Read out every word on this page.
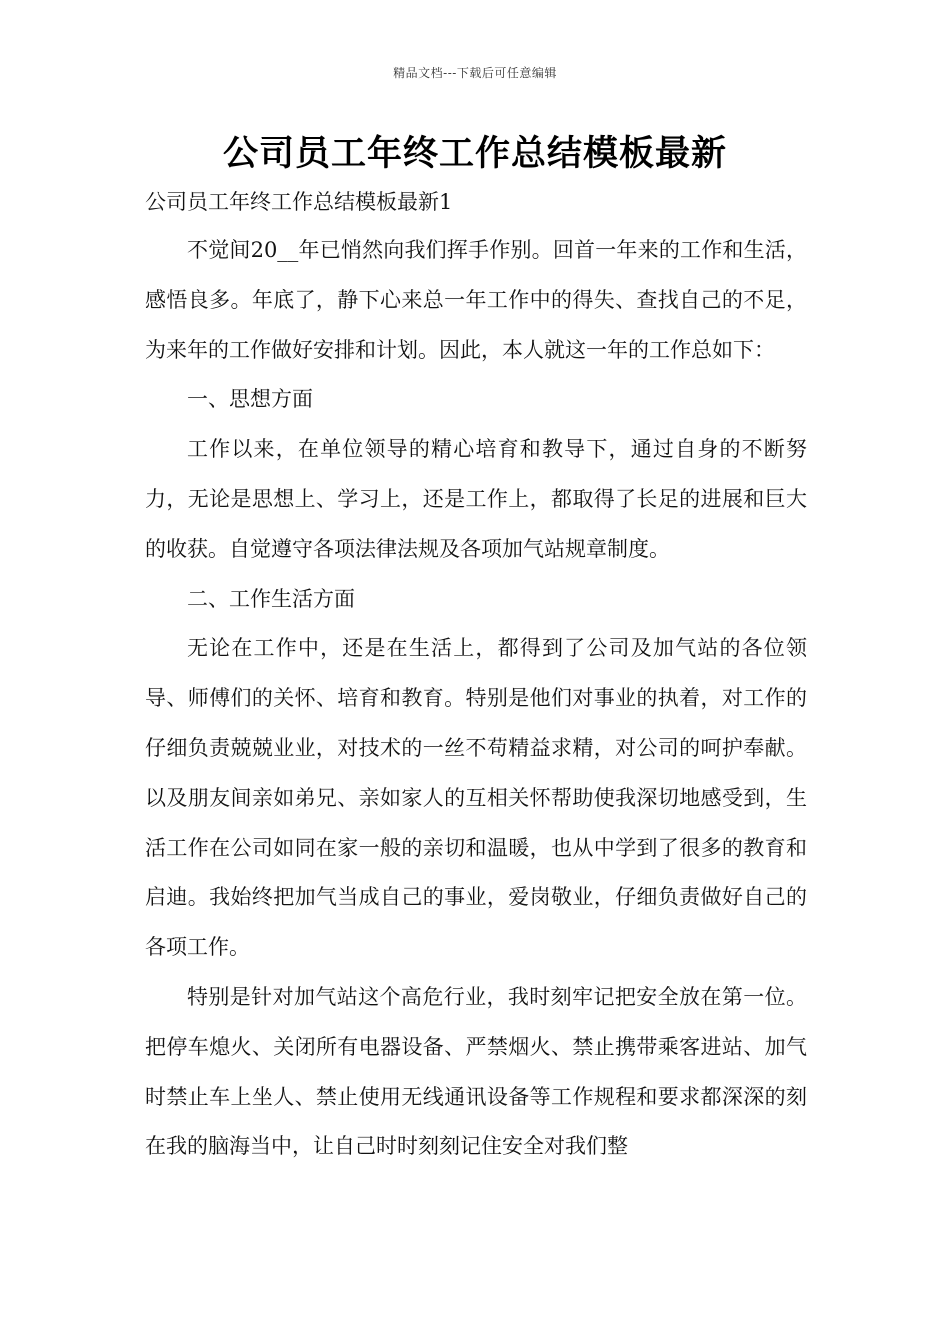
精品文档---下载后可任意编辑
公司员工年终工作总结模板最新

公司员工年终工作总结模板最新1

不觉间20__年已悄然向我们挥手作别。回首一年来的工作和生活，感悟良多。年底了，静下心来总一年工作中的得失、查找自己的不足，为来年的工作做好安排和计划。因此，本人就这一年的工作总如下：

一、思想方面

工作以来，在单位领导的精心培育和教导下，通过自身的不断努力，无论是思想上、学习上，还是工作上，都取得了长足的进展和巨大的收获。自觉遵守各项法律法规及各项加气站规章制度。

二、工作生活方面

无论在工作中，还是在生活上，都得到了公司及加气站的各位领导、师傅们的关怀、培育和教育。特别是他们对事业的执着，对工作的仔细负责兢兢业业，对技术的一丝不苟精益求精，对公司的呵护奉献。以及朋友间亲如弟兄、亲如家人的互相关怀帮助使我深切地感受到，生活工作在公司如同在家一般的亲切和温暖，也从中学到了很多的教育和启迪。我始终把加气当成自己的事业，爱岗敬业，仔细负责做好自己的各项工作。

特别是针对加气站这个高危行业，我时刻牢记把安全放在第一位。把停车熄火、关闭所有电器设备、严禁烟火、禁止携带乘客进站、加气时禁止车上坐人、禁止使用无线通讯设备等工作规程和要求都深深的刻在我的脑海当中，让自己时时刻刻记住安全对我们整
